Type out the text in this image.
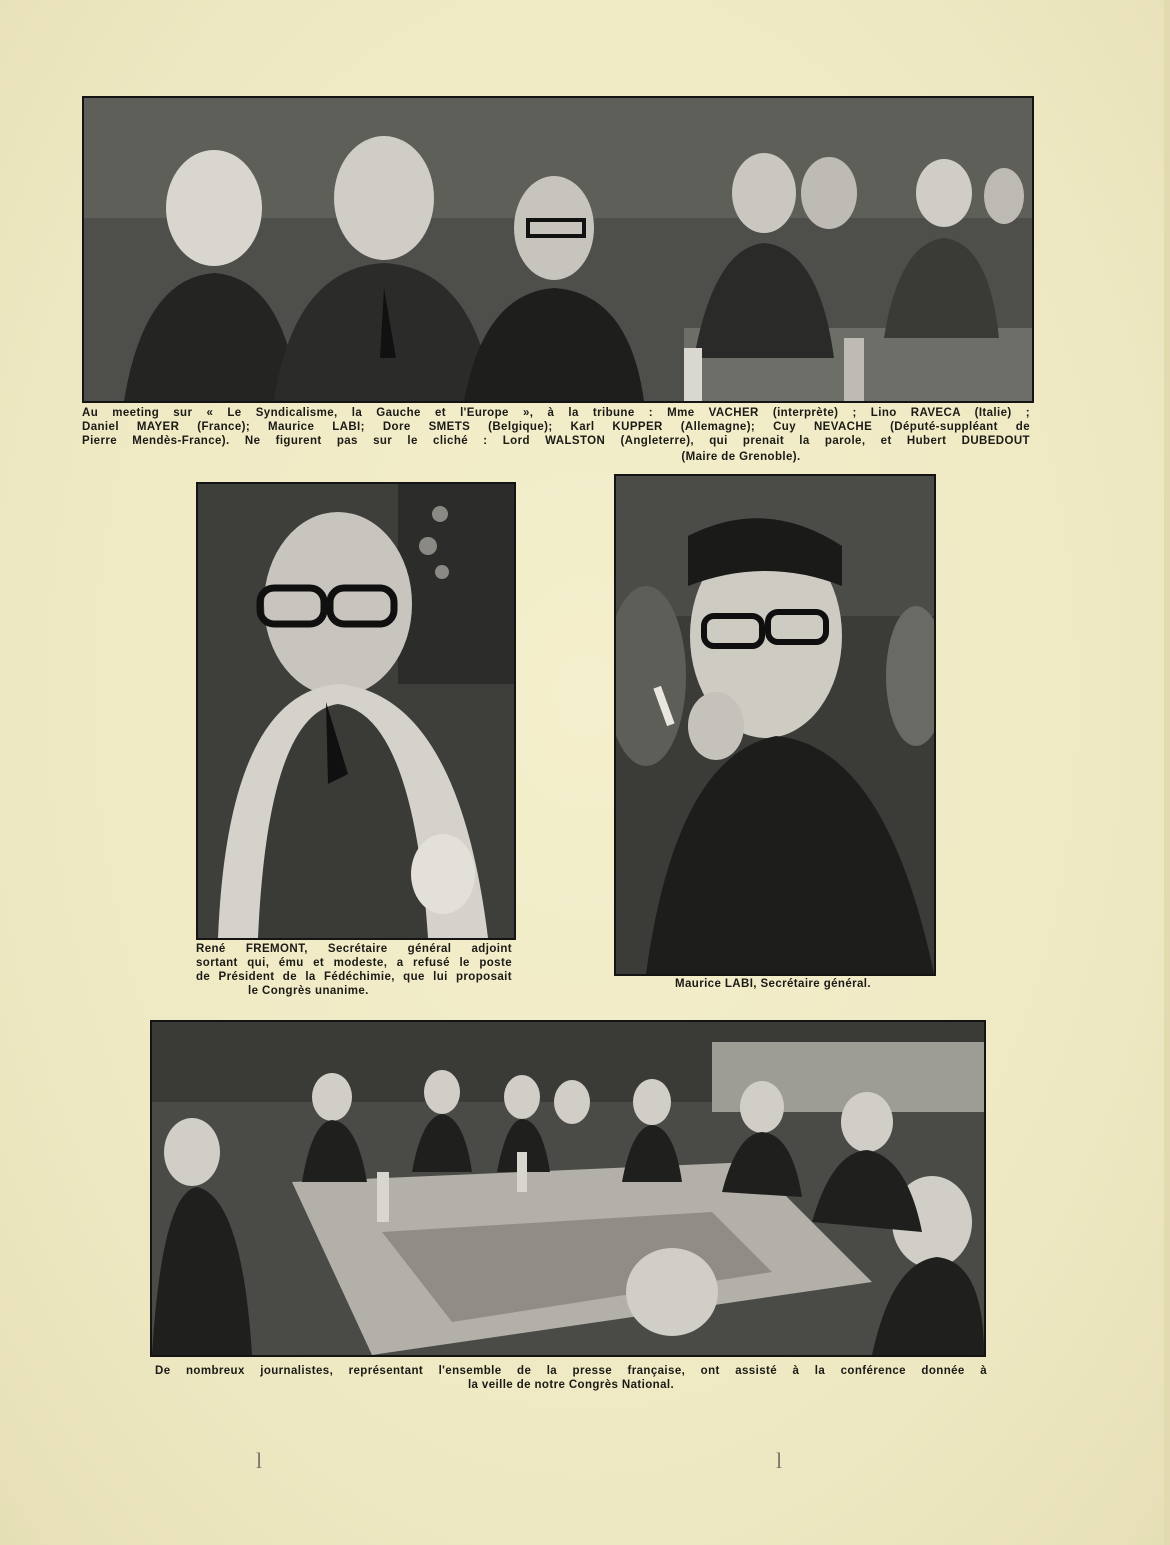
Au meeting sur « Le Syndicalisme, la Gauche et l'Europe », à la tribune : Mme VACHER (interprète) ; Lino RAVECA (Italie) ;
Daniel MAYER (France); Maurice LABI; Dore SMETS (Belgique); Karl KUPPER (Allemagne); Cuy NEVACHE (Député-suppléant de
Pierre Mendès-France). Ne figurent pas sur le cliché : Lord WALSTON (Angleterre), qui prenait la parole, et Hubert DUBEDOUT

(Maire de Grenoble).

René FREMONT, Secrétaire général adjoint
sortant qui, ému et modeste, a refusé le poste
de Président de la Fédéchimie, que lui proposait

le Congrès unanime.

Maurice LABI, Secrétaire général.

De nombreux journalistes, représentant l'ensemble de la presse française, ont assisté à la conférence donnée à

la veille de notre Congrès National.

l	l
